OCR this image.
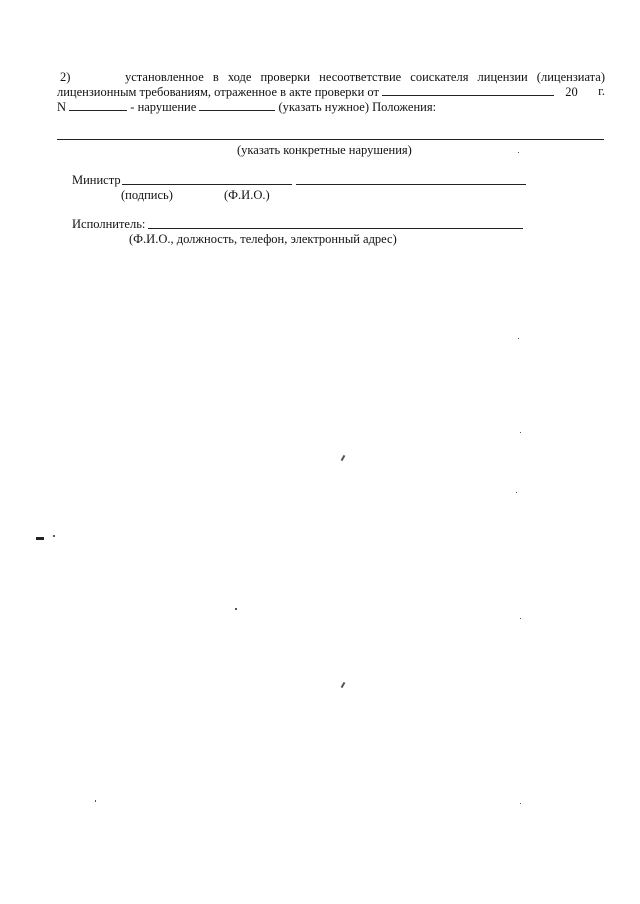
2)	установленное в ходе проверки несоответствие соискателя лицензии (лицензиата)
лицензионным требованиям, отраженное в акте проверки от	20 г.
N	- нарушение	(указать нужное) Положения:
(указать конкретные нарушения)
Министр
(подпись)	(Ф.И.О.)
Исполнитель:
(Ф.И.О., должность, телефон, электронный адрес)
